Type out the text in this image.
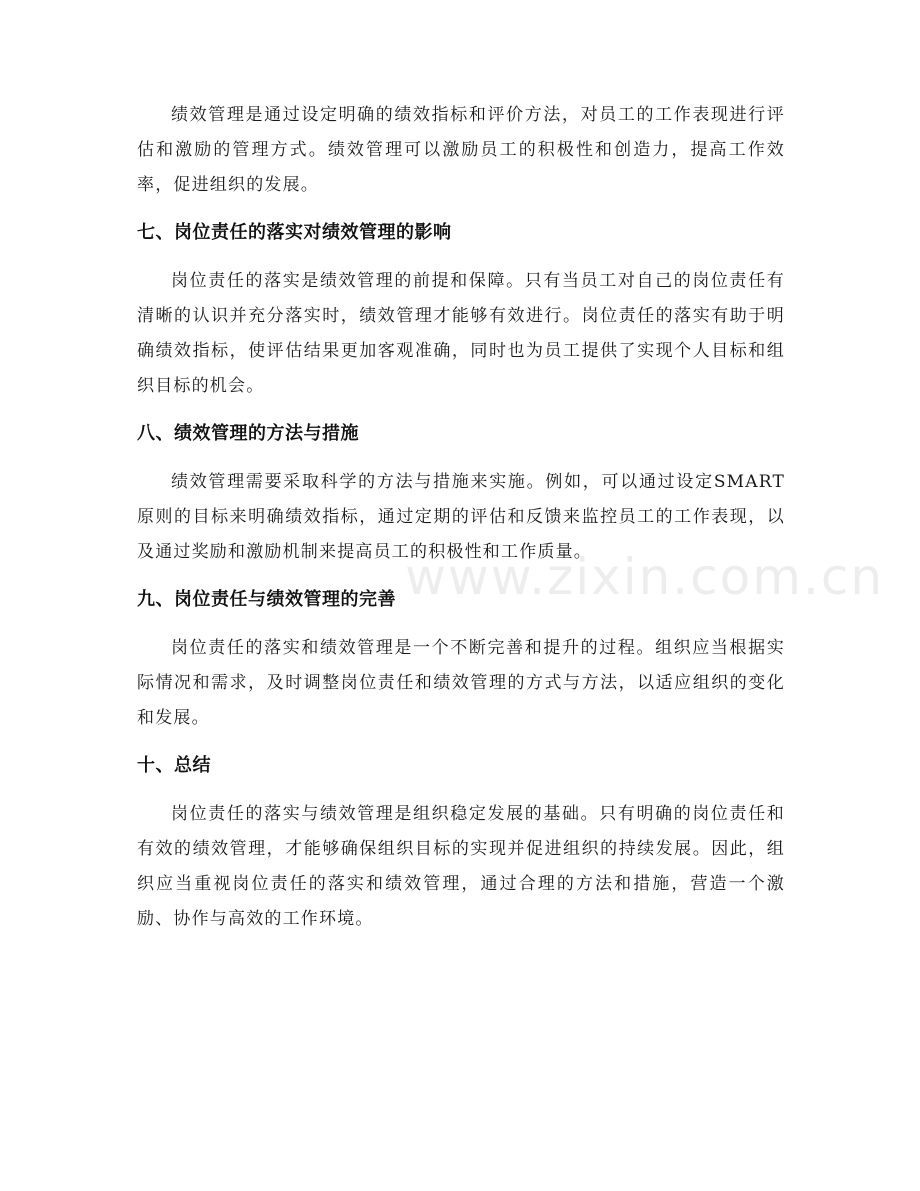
绩效管理是通过设定明确的绩效指标和评价方法，对员工的工作表现进行评估和激励的管理方式。绩效管理可以激励员工的积极性和创造力，提高工作效率，促进组织的发展。

七、岗位责任的落实对绩效管理的影响

岗位责任的落实是绩效管理的前提和保障。只有当员工对自己的岗位责任有清晰的认识并充分落实时，绩效管理才能够有效进行。岗位责任的落实有助于明确绩效指标，使评估结果更加客观准确，同时也为员工提供了实现个人目标和组织目标的机会。

八、绩效管理的方法与措施

绩效管理需要采取科学的方法与措施来实施。例如，可以通过设定SMART原则的目标来明确绩效指标，通过定期的评估和反馈来监控员工的工作表现，以及通过奖励和激励机制来提高员工的积极性和工作质量。

九、岗位责任与绩效管理的完善

岗位责任的落实和绩效管理是一个不断完善和提升的过程。组织应当根据实际情况和需求，及时调整岗位责任和绩效管理的方式与方法，以适应组织的变化和发展。

十、总结

岗位责任的落实与绩效管理是组织稳定发展的基础。只有明确的岗位责任和有效的绩效管理，才能够确保组织目标的实现并促进组织的持续发展。因此，组织应当重视岗位责任的落实和绩效管理，通过合理的方法和措施，营造一个激励、协作与高效的工作环境。

www.zixin.com.cn
